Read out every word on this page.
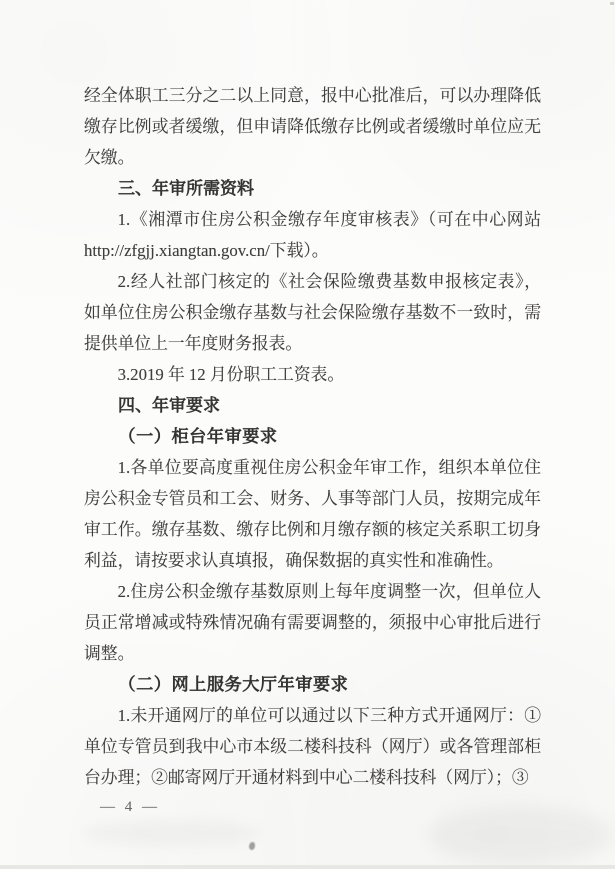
经全体职工三分之二以上同意，报中心批准后，可以办理降低缴存比例或者缓缴，但申请降低缴存比例或者缓缴时单位应无欠缴。

三、年审所需资料

1.《湘潭市住房公积金缴存年度审核表》（可在中心网站http://zfgjj.xiangtan.gov.cn/下载）。

2.经人社部门核定的《社会保险缴费基数申报核定表》，如单位住房公积金缴存基数与社会保险缴存基数不一致时，需提供单位上一年度财务报表。

3.2019 年 12 月份职工工资表。

四、年审要求
（一）柜台年审要求

1.各单位要高度重视住房公积金年审工作，组织本单位住房公积金专管员和工会、财务、人事等部门人员，按期完成年审工作。缴存基数、缴存比例和月缴存额的核定关系职工切身利益，请按要求认真填报，确保数据的真实性和准确性。

2.住房公积金缴存基数原则上每年度调整一次，但单位人员正常增减或特殊情况确有需要调整的，须报中心审批后进行调整。

（二）网上服务大厅年审要求

1.未开通网厅的单位可以通过以下三种方式开通网厅：①单位专管员到我中心市本级二楼科技科（网厅）或各管理部柜台办理；②邮寄网厅开通材料到中心二楼科技科（网厅）；③

— 4 —
